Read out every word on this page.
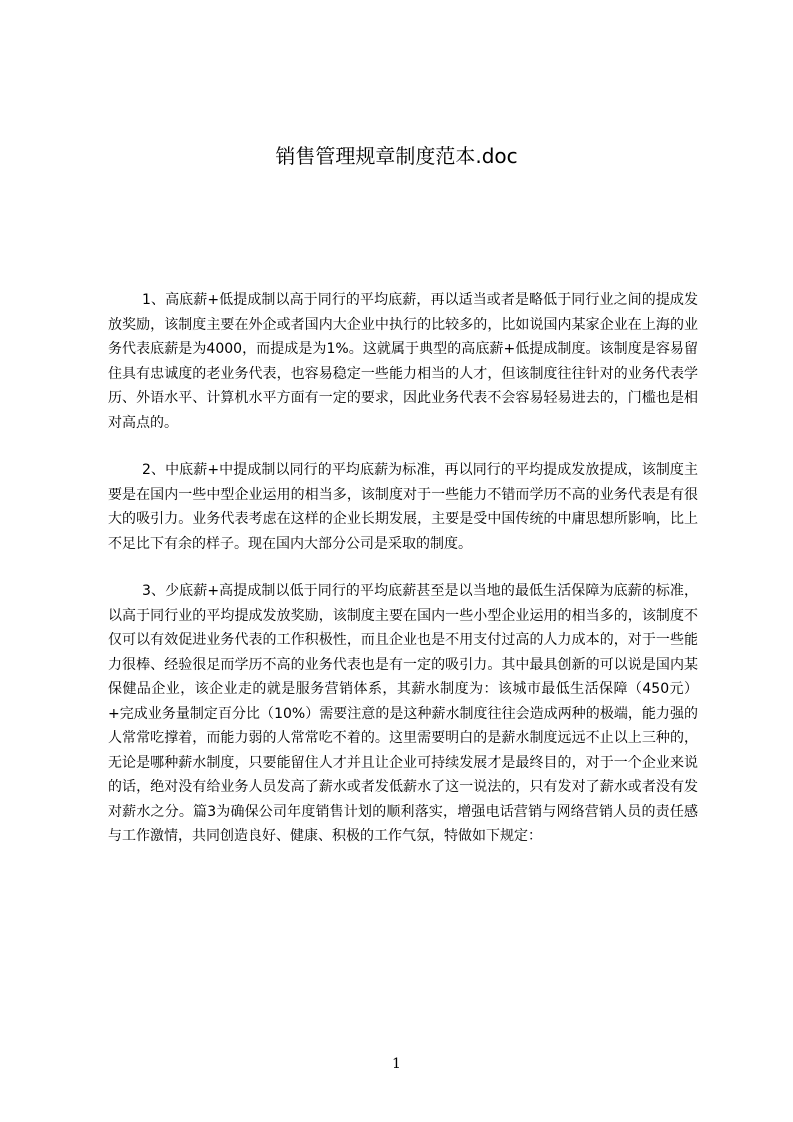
销售管理规章制度范本.doc

1、高底薪+低提成制以高于同行的平均底薪，再以适当或者是略低于同行业之间的提成发放奖励，该制度主要在外企或者国内大企业中执行的比较多的，比如说国内某家企业在上海的业务代表底薪是为4000，而提成是为1%。这就属于典型的高底薪+低提成制度。该制度是容易留住具有忠诚度的老业务代表，也容易稳定一些能力相当的人才，但该制度往往针对的业务代表学历、外语水平、计算机水平方面有一定的要求，因此业务代表不会容易轻易进去的，门槛也是相对高点的。

2、中底薪+中提成制以同行的平均底薪为标准，再以同行的平均提成发放提成，该制度主要是在国内一些中型企业运用的相当多，该制度对于一些能力不错而学历不高的业务代表是有很大的吸引力。业务代表考虑在这样的企业长期发展，主要是受中国传统的中庸思想所影响，比上不足比下有余的样子。现在国内大部分公司是采取的制度。

3、少底薪+高提成制以低于同行的平均底薪甚至是以当地的最低生活保障为底薪的标准，以高于同行业的平均提成发放奖励，该制度主要在国内一些小型企业运用的相当多的，该制度不仅可以有效促进业务代表的工作积极性，而且企业也是不用支付过高的人力成本的，对于一些能力很棒、经验很足而学历不高的业务代表也是有一定的吸引力。其中最具创新的可以说是国内某保健品企业，该企业走的就是服务营销体系，其薪水制度为：该城市最低生活保障（450元）+完成业务量制定百分比（10%）需要注意的是这种薪水制度往往会造成两种的极端，能力强的人常常吃撑着，而能力弱的人常常吃不着的。这里需要明白的是薪水制度远远不止以上三种的，无论是哪种薪水制度，只要能留住人才并且让企业可持续发展才是最终目的，对于一个企业来说的话，绝对没有给业务人员发高了薪水或者发低薪水了这一说法的，只有发对了薪水或者没有发对薪水之分。篇3为确保公司年度销售计划的顺利落实，增强电话营销与网络营销人员的责任感与工作激情，共同创造良好、健康、积极的工作气氛，特做如下规定：

1
